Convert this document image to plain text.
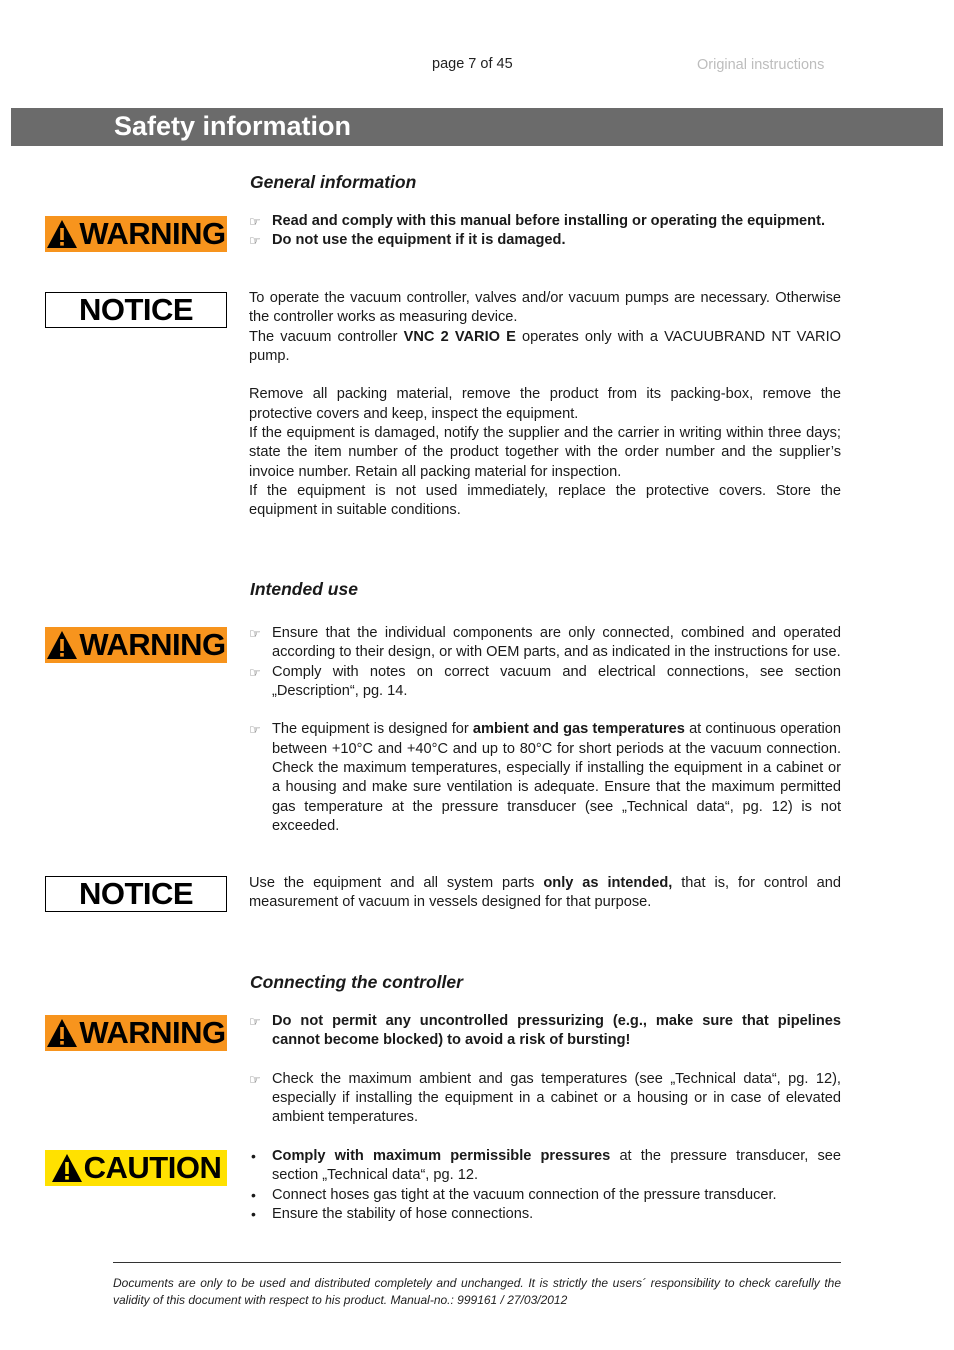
page 7 of 45	Original instructions
Safety information
General information
WARNING ☞ Read and comply with this manual before installing or operating the equipment.
☞ Do not use the equipment if it is damaged.
NOTICE	To operate the vacuum controller, valves and/or vacuum pumps are necessary. Otherwise the controller works as measuring device.

The vacuum controller VNC 2 VARIO E operates only with a VACUUBRAND NT VARIO pump.

Remove all packing material, remove the product from its packing-box, remove the protective covers and keep, inspect the equipment.

If the equipment is damaged, notify the supplier and the carrier in writing within three days; state the item number of the product together with the order number and the supplier’s invoice number. Retain all packing material for inspection.

If the equipment is not used immediately, replace the protective covers. Store the equipment in suitable conditions.

Intended use
WARNING ☞ Ensure that the individual components are only connected, combined and operated according to their design, or with OEM parts, and as indicated in the instructions for use.
☞ Comply with notes on correct vacuum and electrical connections, see section „Description“, pg. 14.
☞ The equipment is designed for ambient and gas temperatures at continuous operation between +10°C and +40°C and up to 80°C for short periods at the vacuum connection. Check the maximum temperatures, especially if installing the equipment in a cabinet or a housing and make sure ventilation is adequate. Ensure that the maximum permitted gas temperature at the pressure transducer (see „Technical data“, pg. 12) is not exceeded.
NOTICE	Use the equipment and all system parts only as intended, that is, for control and measurement of vacuum in vessels designed for that purpose.

Connecting the controller
WARNING ☞ Do not permit any uncontrolled pressurizing (e.g., make sure that pipelines cannot become blocked) to avoid a risk of bursting!
☞ Check the maximum ambient and gas temperatures (see „Technical data“, pg. 12), especially if installing the equipment in a cabinet or a housing or in case of elevated ambient temperatures.
CAUTION • Comply with maximum permissible pressures at the pressure transducer, see section „Technical data“, pg. 12.
• Connect hoses gas tight at the vacuum connection of the pressure transducer.
• Ensure the stability of hose connections.
Documents are only to be used and distributed completely and unchanged. It is strictly the users´ responsibility to check carefully the validity of this document with respect to his product. Manual-no.: 999161 / 27/03/2012
